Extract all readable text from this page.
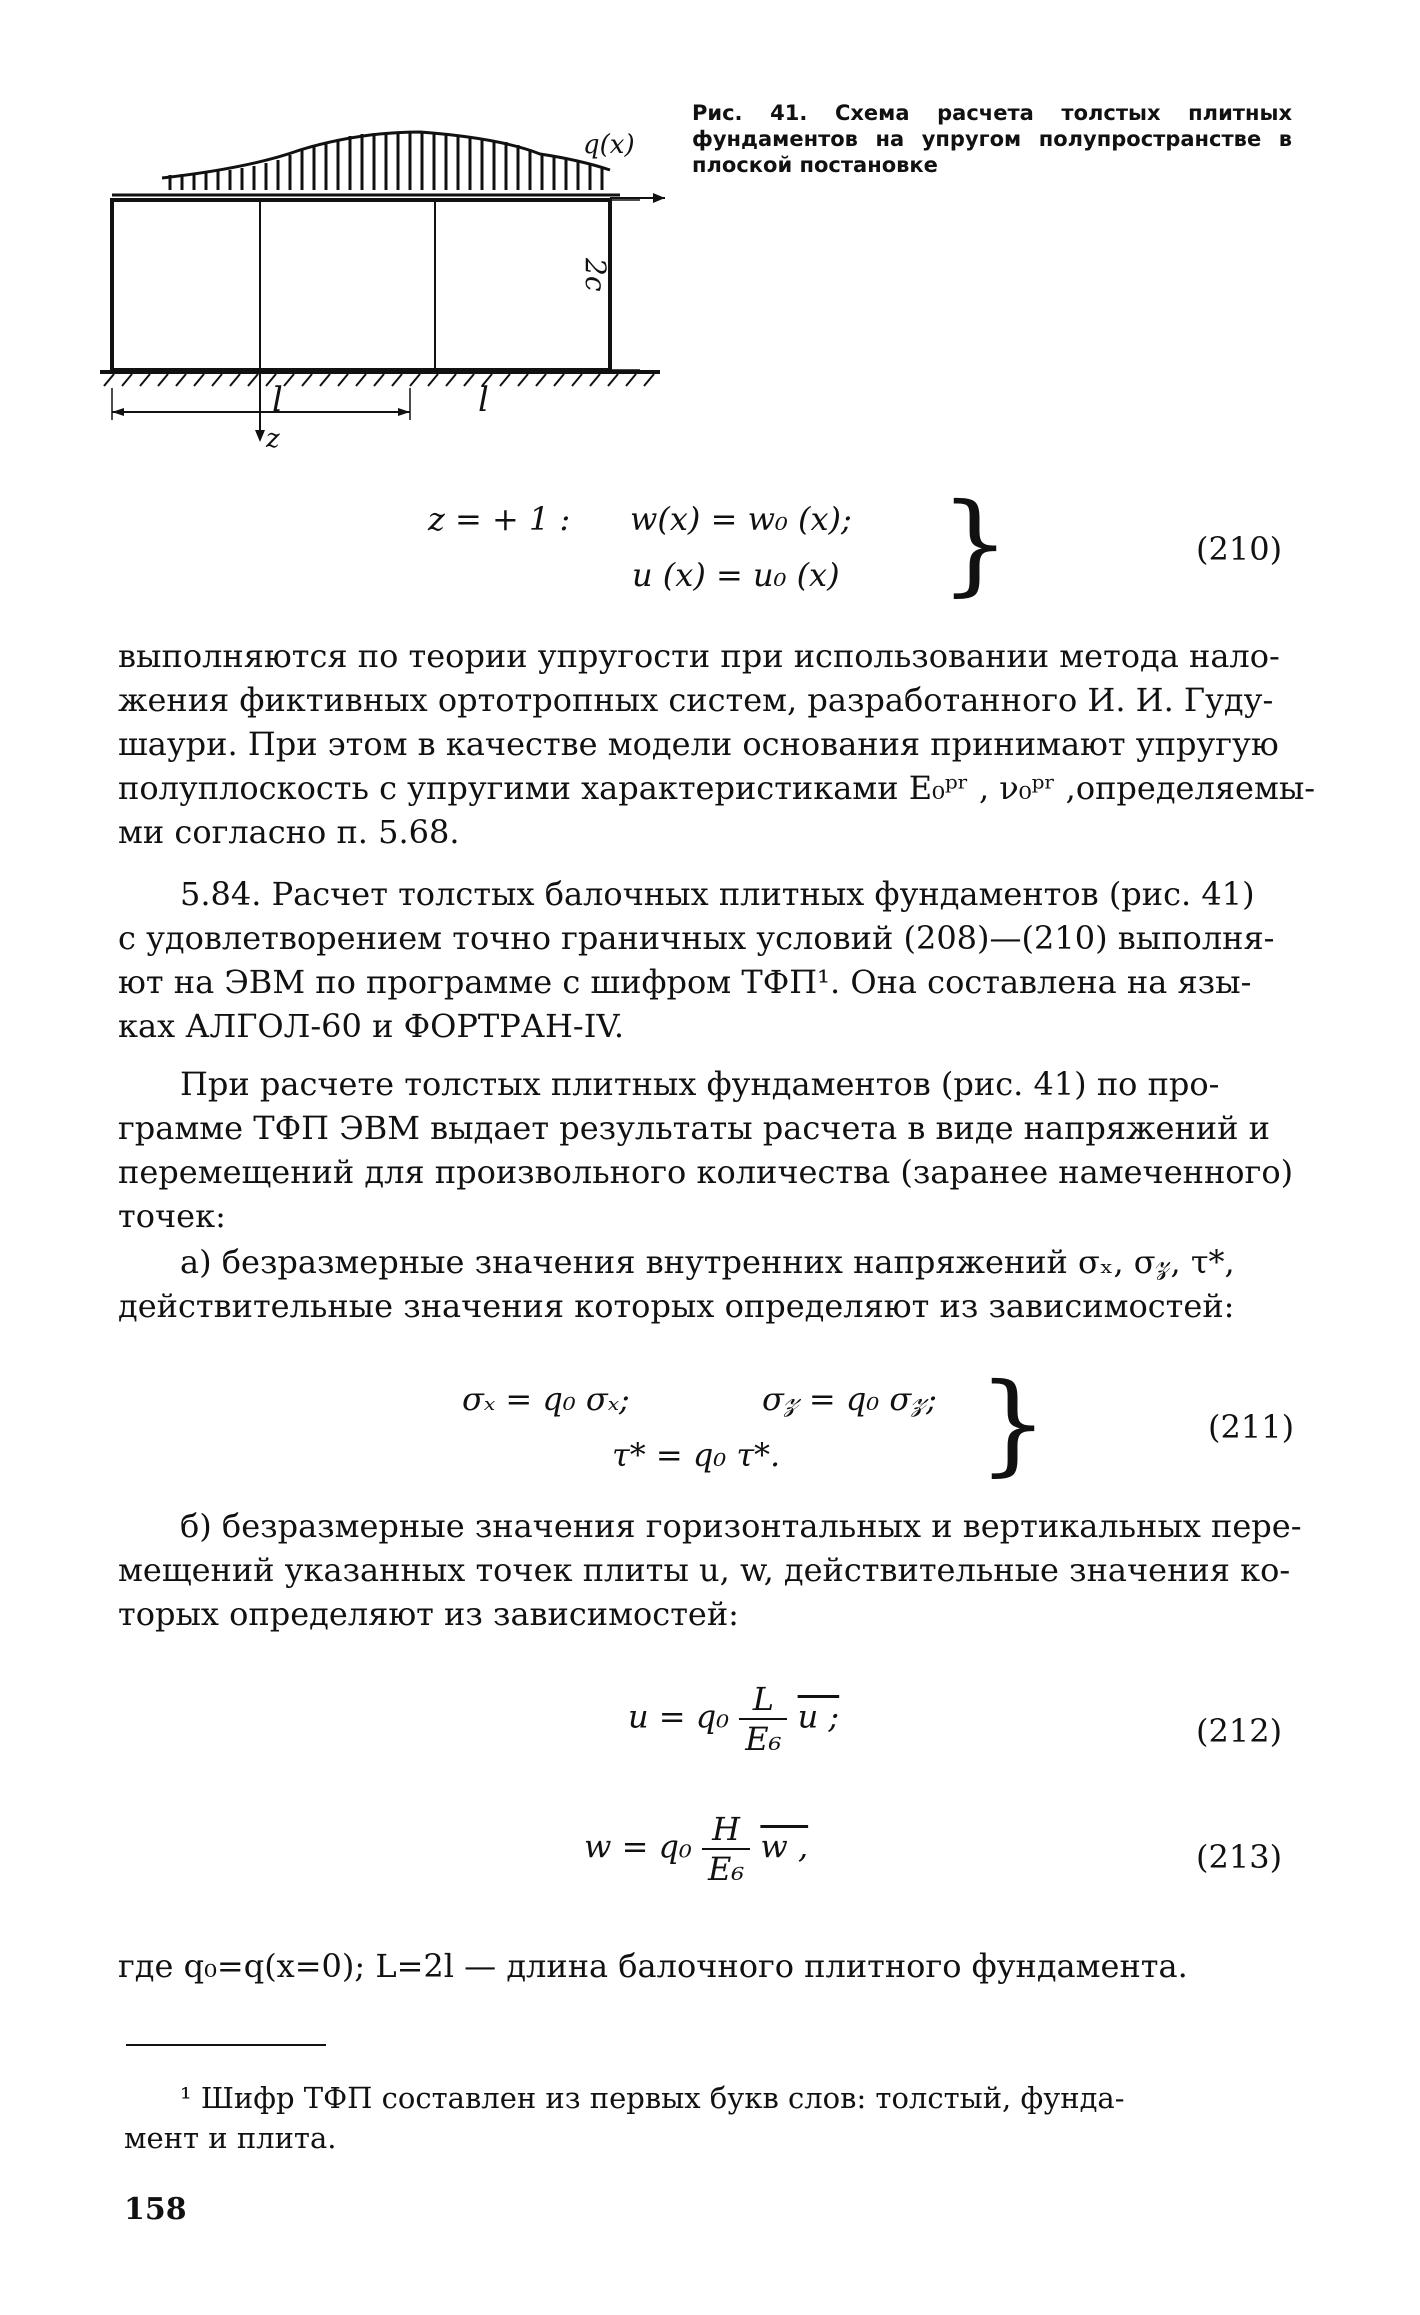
q(x)
2c
l	l
z
Рис. 41. Схема расчета толстых плитных фундаментов на упругом полупространстве в плоской постановке
z = + 1 : w(x) = w₀ (x);
u (x) = u₀ (x) }	(210)
выполняются по теории упругости при использовании метода нало-
жения фиктивных ортотропных систем, разработанного И. И. Гуду-
шаури. При этом в качестве модели основания принимают упругую
полуплоскость с упругими характеристиками E₀ᵖʳ , ν₀ᵖʳ ,определяемы-
ми согласно п. 5.68.
5.84. Расчет толстых балочных плитных фундаментов (рис. 41)
с удовлетворением точно граничных условий (208)—(210) выполня-
ют на ЭВМ по программе с шифром ТФП¹. Она составлена на язы-
ках АЛГОЛ-60 и ФОРТРАН-IV.
При расчете толстых плитных фундаментов (рис. 41) по про-
грамме ТФП ЭВМ выдает результаты расчета в виде напряжений и
перемещений для произвольного количества (заранее намеченного)
точек:
а) безразмерные значения внутренних напряжений σₓ, σ𝓏, τ*,
действительные значения которых определяют из зависимостей:
σₓ = q₀ σₓ;	σ𝓏 = q₀ σ𝓏;
τ* = q₀ τ*. }	(211)
б) безразмерные значения горизонтальных и вертикальных пере-
мещений указанных точек плиты u, w, действительные значения ко-
торых определяют из зависимостей:
$u = q_0 \frac{L}{\text{E₆}}$ u ;	(212)
$w = q_0 \frac{H}{\text{E₆}}$ w ,	(213)
где q₀=q(x=0); L=2l — длина балочного плитного фундамента.
¹ Шифр ТФП составлен из первых букв слов: толстый, фунда-
мент и плита.
158
